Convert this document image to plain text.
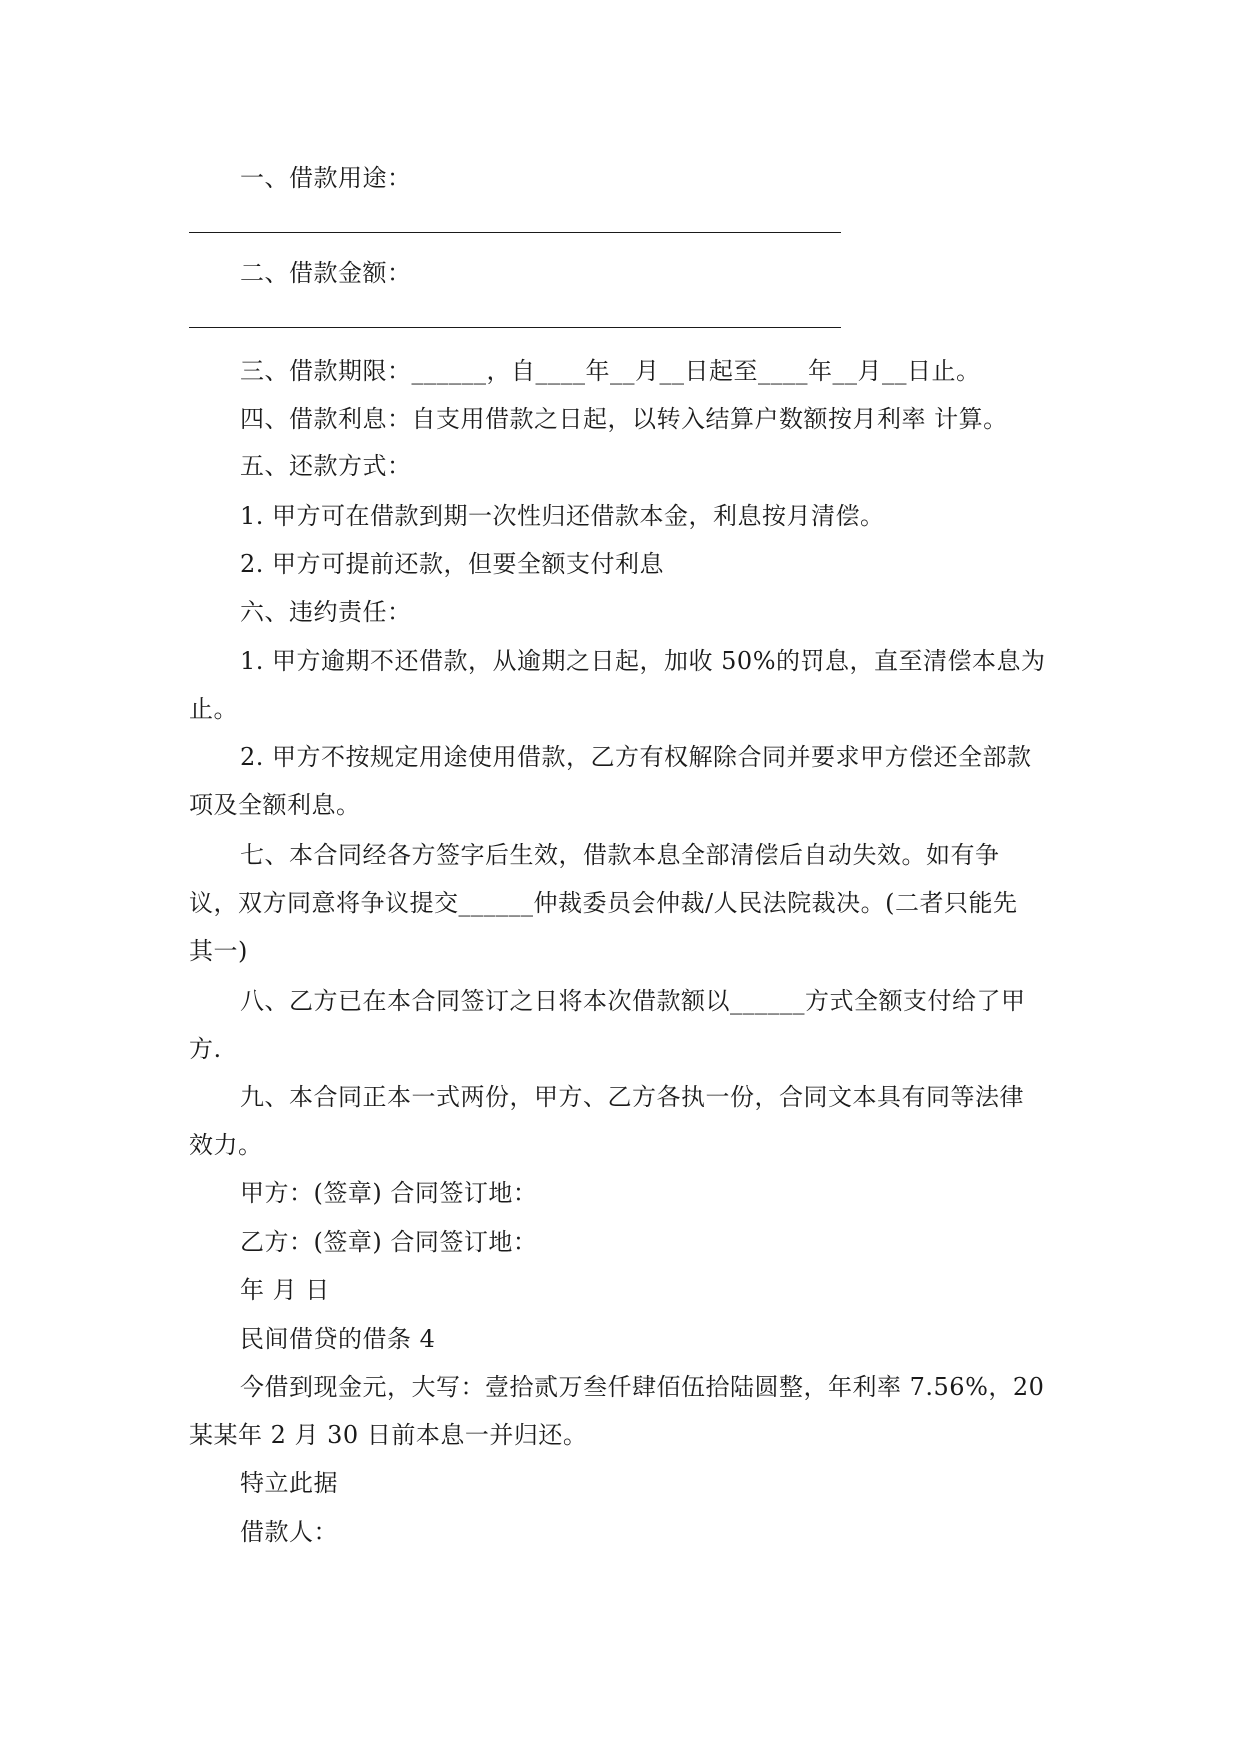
一、借款用途：
二、借款金额：
三、借款期限：______，自____年__月__日起至____年__月__日止。
四、借款利息：自支用借款之日起，以转入结算户数额按月利率 计算。
五、还款方式：
1. 甲方可在借款到期一次性归还借款本金，利息按月清偿。
2. 甲方可提前还款，但要全额支付利息
六、违约责任：
1. 甲方逾期不还借款，从逾期之日起，加收 50%的罚息，直至清偿本息为
止。
2. 甲方不按规定用途使用借款，乙方有权解除合同并要求甲方偿还全部款
项及全额利息。
七、本合同经各方签字后生效，借款本息全部清偿后自动失效。如有争
议，双方同意将争议提交______仲裁委员会仲裁/人民法院裁决。(二者只能先
其一)
八、乙方已在本合同签订之日将本次借款额以______方式全额支付给了甲
方.
九、本合同正本一式两份，甲方、乙方各执一份，合同文本具有同等法律
效力。
甲方：(签章) 合同签订地：
乙方：(签章) 合同签订地：
年 月 日
民间借贷的借条 4
今借到现金元，大写：壹拾贰万叁仟肆佰伍拾陆圆整，年利率 7.56%，20
某某年 2 月 30 日前本息一并归还。
特立此据
借款人：
